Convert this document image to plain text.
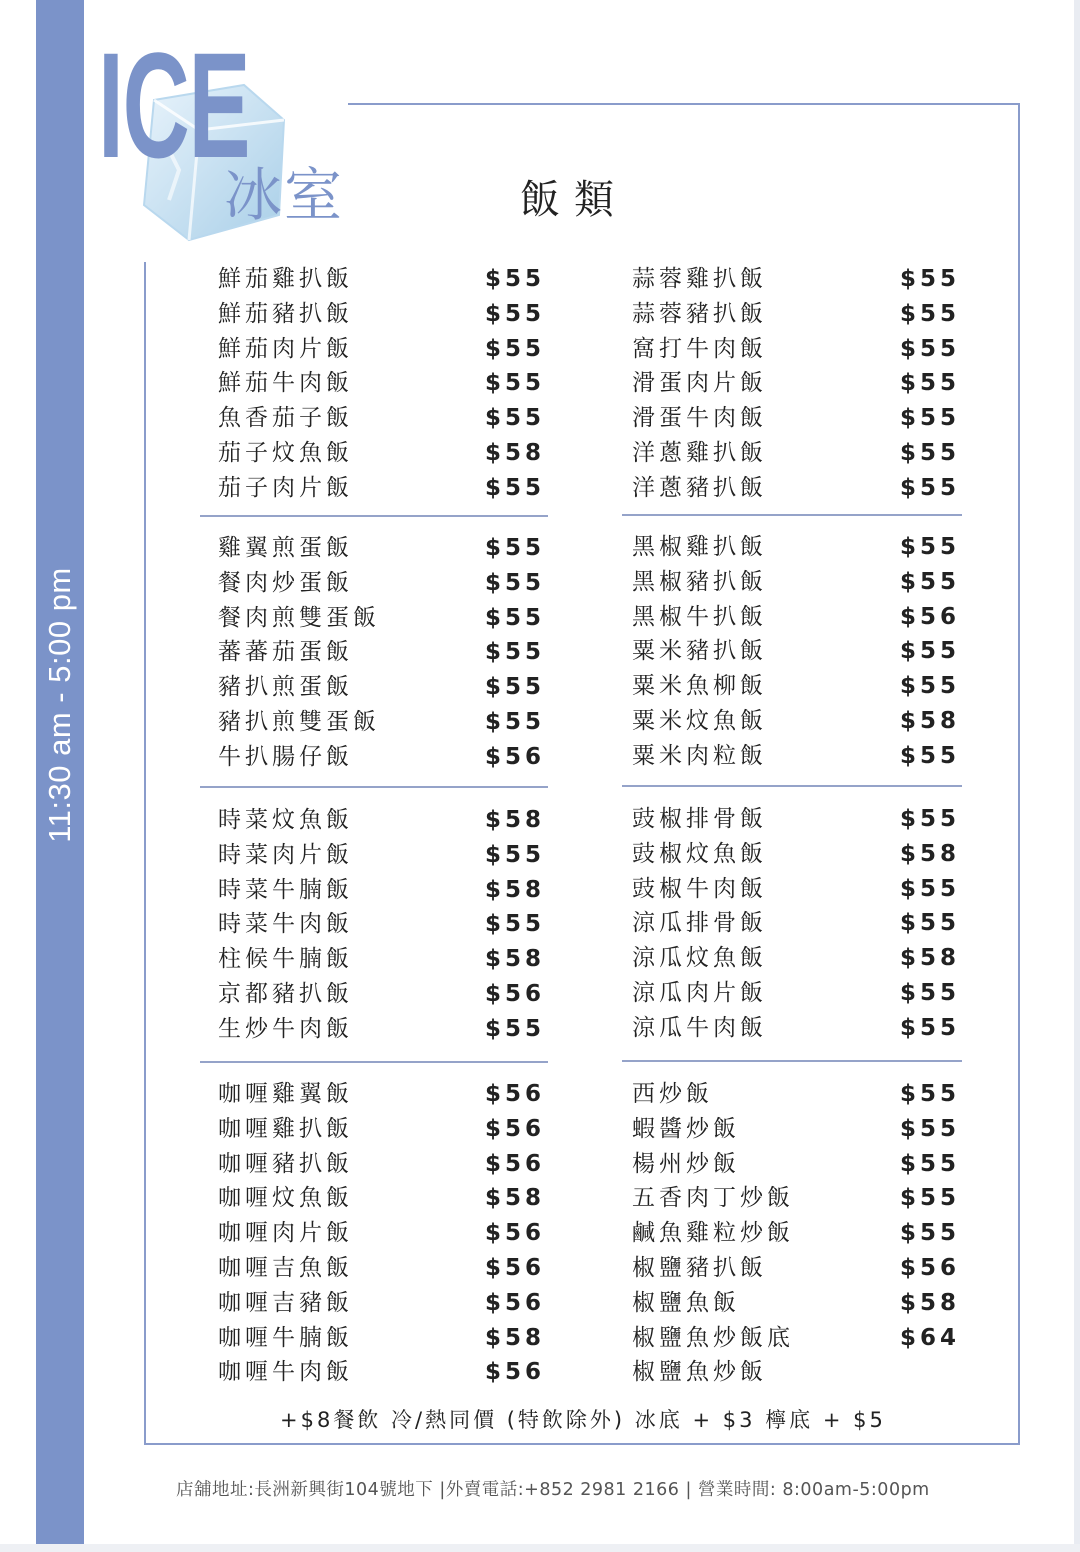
11:30 am - 5:00 pm
ICE
冰室	飯類
鮮茄雞扒飯	$55
鮮茄豬扒飯	$55
鮮茄肉片飯	$55
鮮茄牛肉飯	$55
魚香茄子飯	$55
茄子炆魚飯	$58
茄子肉片飯	$55
雞翼煎蛋飯	$55
餐肉炒蛋飯	$55
餐肉煎雙蛋飯	$55
蕃蕃茄蛋飯	$55
豬扒煎蛋飯	$55
豬扒煎雙蛋飯	$55
牛扒腸仔飯	$56
時菜炆魚飯	$58
時菜肉片飯	$55
時菜牛腩飯	$58
時菜牛肉飯	$55
柱候牛腩飯	$58
京都豬扒飯	$56
生炒牛肉飯	$55
咖喱雞翼飯	$56
咖喱雞扒飯	$56
咖喱豬扒飯	$56
咖喱炆魚飯	$58
咖喱肉片飯	$56
咖喱吉魚飯	$56
咖喱吉豬飯	$56
咖喱牛腩飯	$58
咖喱牛肉飯	$56
蒜蓉雞扒飯	$55
蒜蓉豬扒飯	$55
窩打牛肉飯	$55
滑蛋肉片飯	$55
滑蛋牛肉飯	$55
洋蔥雞扒飯	$55
洋蔥豬扒飯	$55
黑椒雞扒飯	$55
黑椒豬扒飯	$55
黑椒牛扒飯	$56
粟米豬扒飯	$55
粟米魚柳飯	$55
粟米炆魚飯	$58
粟米肉粒飯	$55
豉椒排骨飯	$55
豉椒炆魚飯	$58
豉椒牛肉飯	$55
涼瓜排骨飯	$55
涼瓜炆魚飯	$58
涼瓜肉片飯	$55
涼瓜牛肉飯	$55
西炒飯	$55
蝦醬炒飯	$55
楊州炒飯	$55
五香肉丁炒飯	$55
鹹魚雞粒炒飯	$55
椒鹽豬扒飯	$56
椒鹽魚飯	$58
椒鹽魚炒飯底	$64
椒鹽魚炒飯
+$8餐飲 冷/熱同價 (特飲除外) 冰底 + $3 檸底 + $5
店舖地址:長洲新興街104號地下 |外賣電話:+852 2981 2166 | 營業時間: 8:00am-5:00pm
